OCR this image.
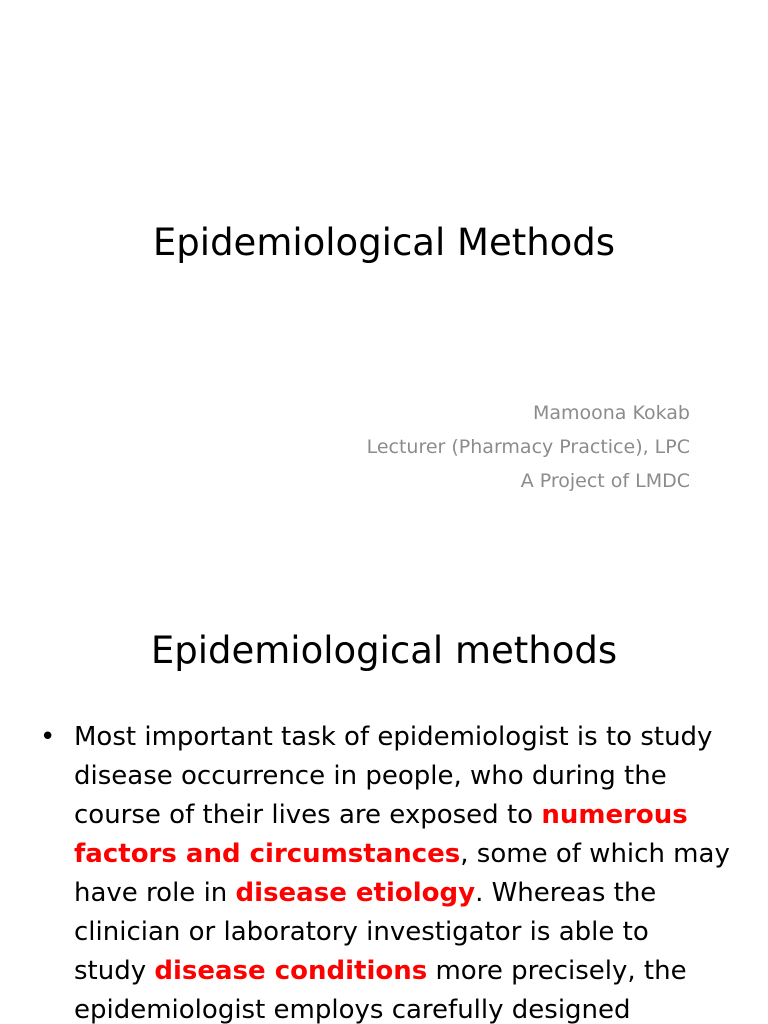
Epidemiological Methods
Mamoona Kokab
Lecturer (Pharmacy Practice), LPC
A Project of LMDC
Epidemiological methods
• Most important task of epidemiologist is to study
disease occurrence in people, who during the
course of their lives are exposed to numerous
factors and circumstances, some of which may
have role in disease etiology. Whereas the
clinician or laboratory investigator is able to
study disease conditions more precisely, the
epidemiologist employs carefully designed
